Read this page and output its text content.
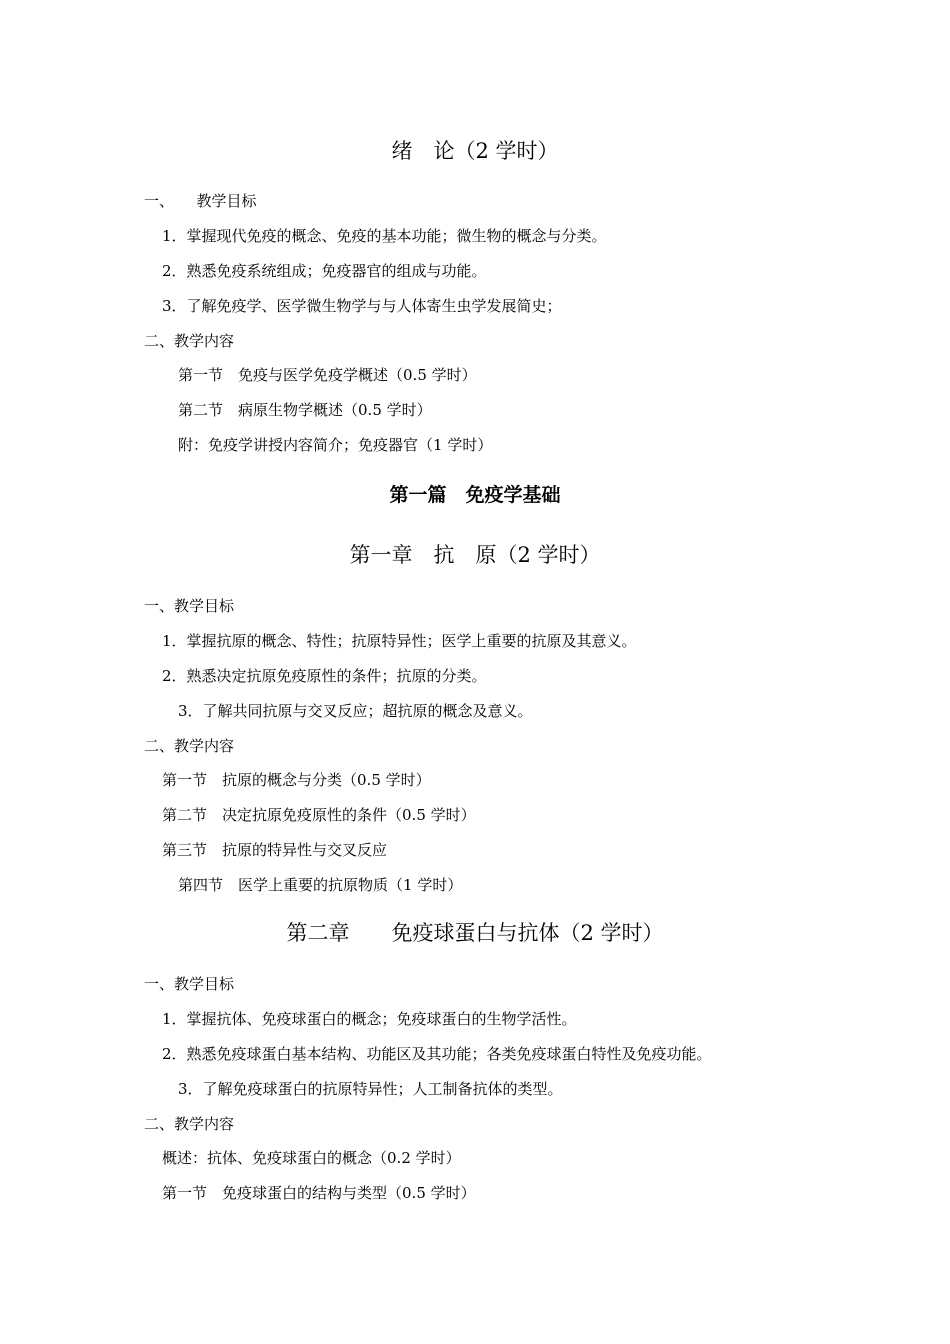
绪　论（2 学时）
一、　　教学目标
1．掌握现代免疫的概念、免疫的基本功能；微生物的概念与分类。
2．熟悉免疫系统组成；免疫器官的组成与功能。
3．了解免疫学、医学微生物学与与人体寄生虫学发展简史；
二、教学内容
第一节　免疫与医学免疫学概述（0.5 学时）
第二节　病原生物学概述（0.5 学时）
附：免疫学讲授内容简介；免疫器官（1 学时）
第一篇　免疫学基础
第一章　抗　原（2 学时）
一、教学目标
1．掌握抗原的概念、特性；抗原特异性；医学上重要的抗原及其意义。
2．熟悉决定抗原免疫原性的条件；抗原的分类。
3．了解共同抗原与交叉反应；超抗原的概念及意义。
二、教学内容
第一节　抗原的概念与分类（0.5 学时）
第二节　决定抗原免疫原性的条件（0.5 学时）
第三节　抗原的特异性与交叉反应
第四节　医学上重要的抗原物质（1 学时）
第二章　　免疫球蛋白与抗体（2 学时）
一、教学目标
1．掌握抗体、免疫球蛋白的概念；免疫球蛋白的生物学活性。
2．熟悉免疫球蛋白基本结构、功能区及其功能；各类免疫球蛋白特性及免疫功能。
3．了解免疫球蛋白的抗原特异性；人工制备抗体的类型。
二、教学内容
概述：抗体、免疫球蛋白的概念（0.2 学时）
第一节　免疫球蛋白的结构与类型（0.5 学时）
